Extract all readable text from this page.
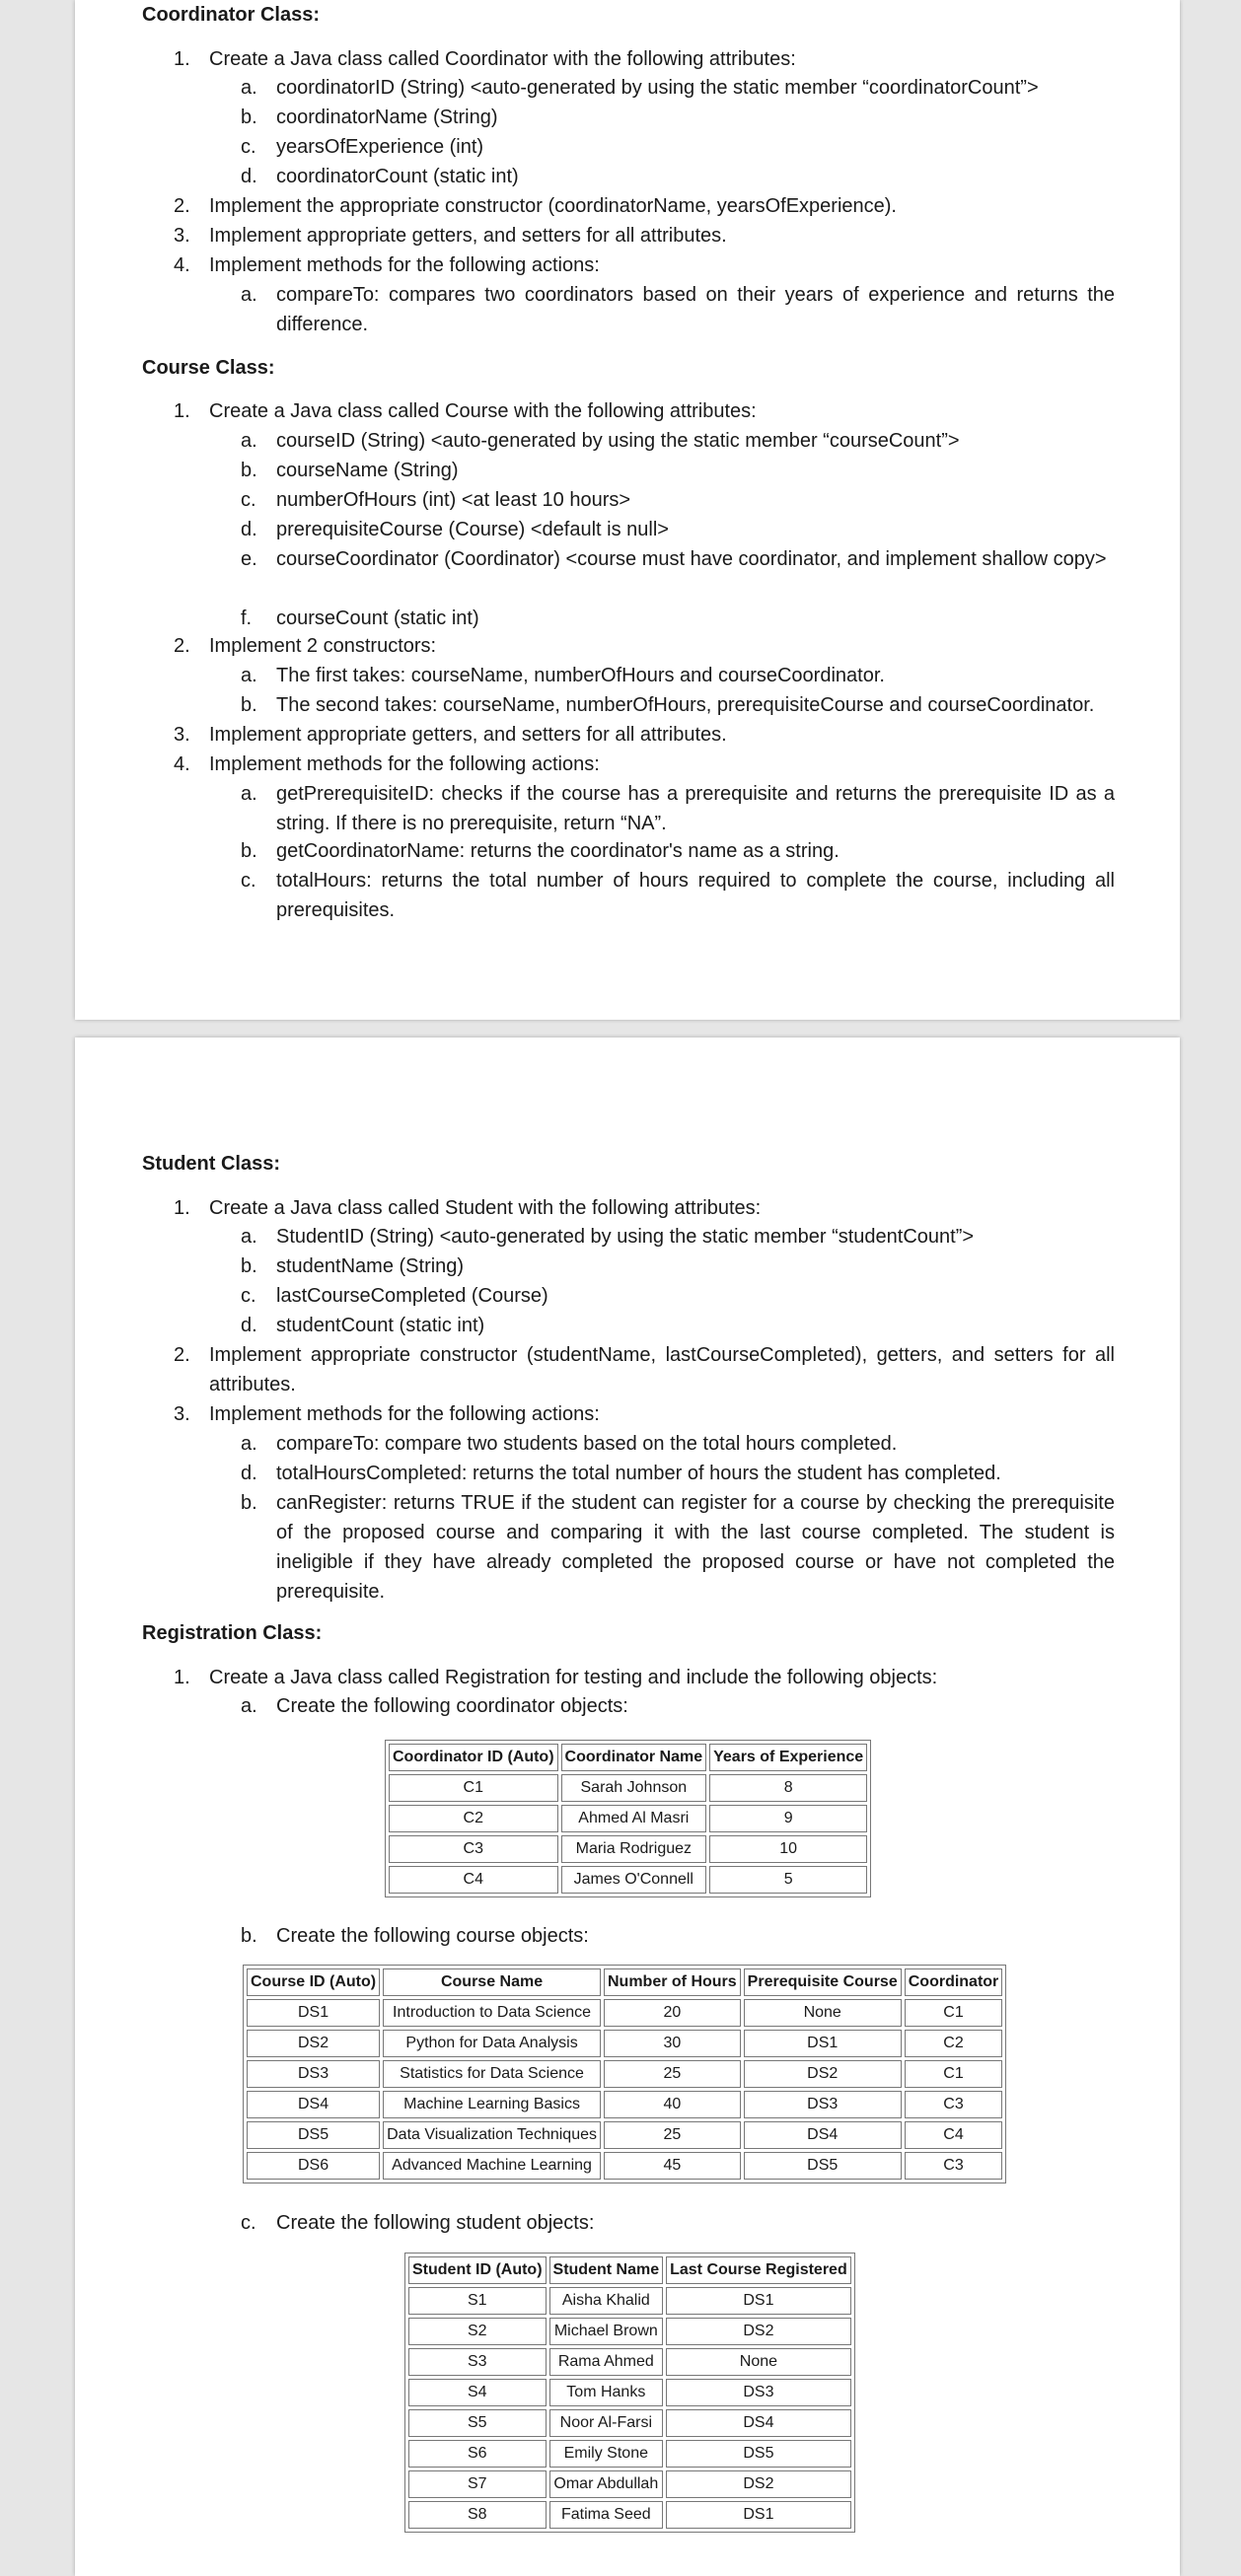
Coordinator Class:

1. Create a Java class called Coordinator with the following attributes:

a. coordinatorID (String) <auto-generated by using the static member “coordinatorCount”>

b. coordinatorName (String)

c. yearsOfExperience (int)

d. coordinatorCount (static int)

2. Implement the appropriate constructor (coordinatorName, yearsOfExperience).

3. Implement appropriate getters, and setters for all attributes.

4. Implement methods for the following actions:

a. compareTo: compares two coordinators based on their years of experience and returns the difference.

Course Class:

1. Create a Java class called Course with the following attributes:

a. courseID (String) <auto-generated by using the static member “courseCount”>

b. courseName (String)

c. numberOfHours (int) <at least 10 hours>

d. prerequisiteCourse (Course) <default is null>

e. courseCoordinator (Coordinator) <course must have coordinator, and implement shallow copy>

f. courseCount (static int)

2. Implement 2 constructors:

a. The first takes: courseName, numberOfHours and courseCoordinator.

b. The second takes: courseName, numberOfHours, prerequisiteCourse and courseCoordinator.

3. Implement appropriate getters, and setters for all attributes.

4. Implement methods for the following actions:

a. getPrerequisiteID: checks if the course has a prerequisite and returns the prerequisite ID as a string. If there is no prerequisite, return “NA”.

b. getCoordinatorName: returns the coordinator's name as a string.

c. totalHours: returns the total number of hours required to complete the course, including all prerequisites.

Student Class:

1. Create a Java class called Student with the following attributes:

a. StudentID (String) <auto-generated by using the static member “studentCount”>

b. studentName (String)

c. lastCourseCompleted (Course)

d. studentCount (static int)

2. Implement appropriate constructor (studentName, lastCourseCompleted), getters, and setters for all attributes.

3. Implement methods for the following actions:

a. compareTo: compare two students based on the total hours completed.

d. totalHoursCompleted: returns the total number of hours the student has completed.

b. canRegister: returns TRUE if the student can register for a course by checking the prerequisite of the proposed course and comparing it with the last course completed. The student is ineligible if they have already completed the proposed course or have not completed the prerequisite.

Registration Class:

1. Create a Java class called Registration for testing and include the following objects:

a. Create the following coordinator objects:

Coordinator ID (Auto)	Coordinator Name	Years of Experience
C1	Sarah Johnson	8
C2	Ahmed Al Masri	9
C3	Maria Rodriguez	10
C4	James O'Connell	5

b. Create the following course objects:

Course ID (Auto)	Course Name	Number of Hours	Prerequisite Course	Coordinator
DS1	Introduction to Data Science	20	None	C1
DS2	Python for Data Analysis	30	DS1	C2
DS3	Statistics for Data Science	25	DS2	C1
DS4	Machine Learning Basics	40	DS3	C3
DS5	Data Visualization Techniques	25	DS4	C4
DS6	Advanced Machine Learning	45	DS5	C3

c. Create the following student objects:

Student ID (Auto)	Student Name	Last Course Registered
S1	Aisha Khalid	DS1
S2	Michael Brown	DS2
S3	Rama Ahmed	None
S4	Tom Hanks	DS3
S5	Noor Al-Farsi	DS4
S6	Emily Stone	DS5
S7	Omar Abdullah	DS2
S8	Fatima Seed	DS1
